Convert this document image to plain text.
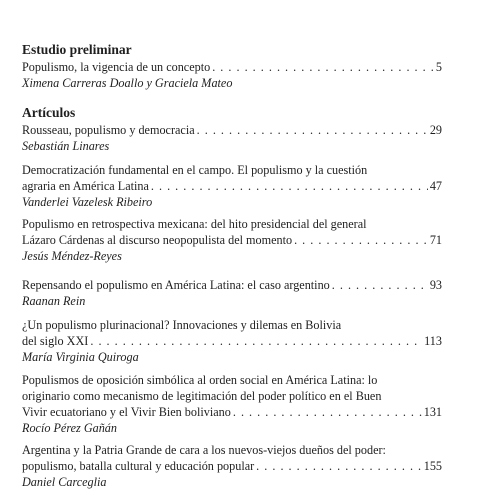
Estudio preliminar
Populismo, la vigencia de un concepto . . .	5
Ximena Carreras Doallo y Graciela Mateo
Artículos
Rousseau, populismo y democracia . . .	29
Sebastián Linares
Democratización fundamental en el campo. El populismo y la cuestión
agraria en América Latina . . .	47
Vanderlei Vazelesk Ribeiro
Populismo en retrospectiva mexicana: del hito presidencial del general
Lázaro Cárdenas al discurso neopopulista del momento . . .	71
Jesús Méndez-Reyes
Repensando el populismo en América Latina: el caso argentino . . .	93
Raanan Rein
¿Un populismo plurinacional? Innovaciones y dilemas en Bolivia
del siglo XXI . . .	113
María Virginia Quiroga
Populismos de oposición simbólica al orden social en América Latina: lo
originario como mecanismo de legitimación del poder político en el Buen
Vivir ecuatoriano y el Vivir Bien boliviano . . .	131
Rocío Pérez Gañán
Argentina y la Patria Grande de cara a los nuevos-viejos dueños del poder:
populismo, batalla cultural y educación popular . . .	155
Daniel Carceglia
